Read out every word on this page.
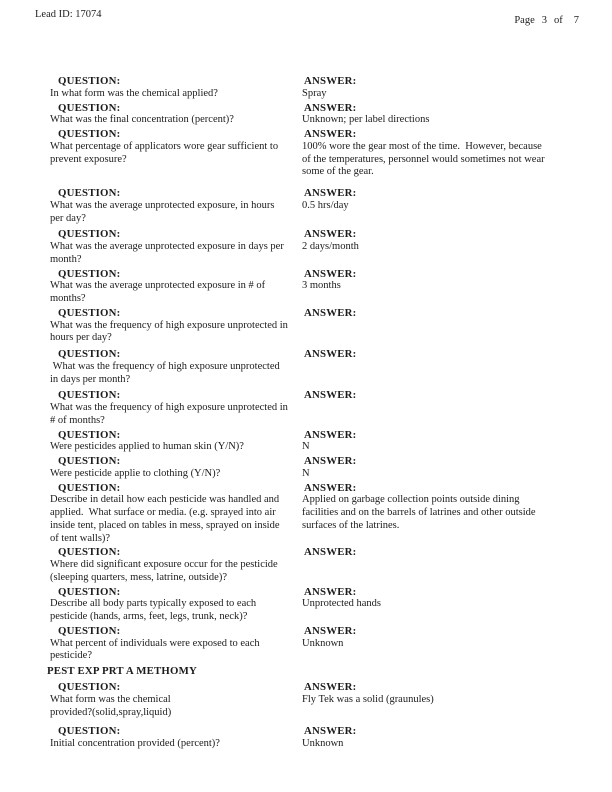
Lead ID: 17074
Page 3 of 7
QUESTION:
In what form was the chemical applied?
ANSWER:
Spray
QUESTION:
What was the final concentration (percent)?
ANSWER:
Unknown; per label directions
QUESTION:
What percentage of applicators wore gear sufficient to
prevent exposure?
ANSWER:
100% wore the gear most of the time.  However, because
of the temperatures, personnel would sometimes not wear
some of the gear.
QUESTION:
What was the average unprotected exposure, in hours
per day?
ANSWER:
0.5 hrs/day
QUESTION:
What was the average unprotected exposure in days per
month?
ANSWER:
2 days/month
QUESTION:
What was the average unprotected exposure in # of
months?
ANSWER:
3 months
QUESTION:
What was the frequency of high exposure unprotected in
hours per day?
ANSWER:
QUESTION:
What was the frequency of high exposure unprotected
in days per month?
ANSWER:
QUESTION:
What was the frequency of high exposure unprotected in
# of months?
ANSWER:
QUESTION:
Were pesticides applied to human skin (Y/N)?
ANSWER:
N
QUESTION:
Were pesticide applie to clothing (Y/N)?
ANSWER:
N
QUESTION:
Describe in detail how each pesticide was handled and
applied.  What surface or media. (e.g. sprayed into air
inside tent, placed on tables in mess, sprayed on inside
of tent walls)?
ANSWER:
Applied on garbage collection points outside dining
facilities and on the barrels of latrines and other outside
surfaces of the latrines.
QUESTION:
Where did significant exposure occur for the pesticide
(sleeping quarters, mess, latrine, outside)?
ANSWER:
QUESTION:
Describe all body parts typically exposed to each
pesticide (hands, arms, feet, legs, trunk, neck)?
ANSWER:
Unprotected hands
QUESTION:
What percent of individuals were exposed to each
pesticide?
ANSWER:
Unknown
PEST EXP PRT A METHOMY
QUESTION:
What form was the chemical
provided?(solid,spray,liquid)
ANSWER:
Fly Tek was a solid (graunules)
QUESTION:
Initial concentration provided (percent)?
ANSWER:
Unknown
